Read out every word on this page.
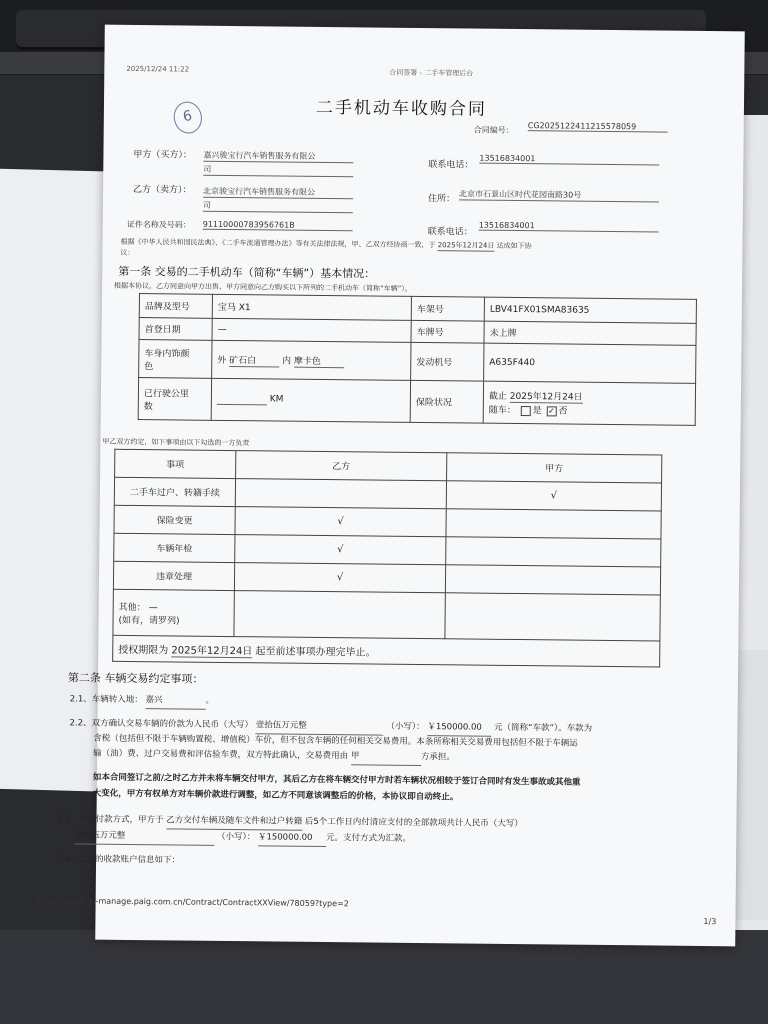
2025/12/24 11:22	合同签署 - 二手车管理后台
6	二手机动车收购合同
合同编号： CG2025122411215578059
甲方（买方）： 嘉兴骏宝行汽车销售服务有限公
司	联系电话：
13516834001
乙方（卖方）： 北京骏宝行汽车销售服务有限公
司
住所： 北京市石景山区时代花园南路30号
证件名称及号码： 91110000783956761B
联系电话：
13516834001
根据《中华人民共和国民法典》、《二手车流通管理办法》等有关法律法规，甲、乙双方经协商一致，于 2025年12月24日 达成如下协
议：
第一条 交易的二手机动车（简称“车辆”）基本情况：
根据本协议，乙方同意向甲方出售、甲方同意向乙方购买以下所列的二手机动车（简称“车辆”）。
品牌及型号	宝马 X1	车架号	LBV41FX01SMA83635
首登日期	—	车牌号	未上牌
车身内饰颜
色	外 矿石白 内 摩卡色	发动机号	A635F440
已行驶公里
数	KM	保险状况	截止 2025年12月24日
随车： 是 ✓ 否
甲乙双方约定，如下事项由以下勾选的一方负责
事项	乙方	甲方
二手车过户、转籍手续		√
保险变更	√	
车辆年检	√	
违章处理	√	
其他： —
(如有，请罗列)		
授权期限为 2025年12月24日 起至前述事项办理完毕止。		
第二条 车辆交易约定事项：
2.1、车辆转入地： 嘉兴	。
2.2、双方确认交易车辆的价款为人民币（大写） 壹拾伍万元整	（小写）： ￥150000.00 元（简称“车款”）。车款为
含税（包括但不限于车辆购置税、增值税）车价，但不包含车辆的任何相关交易费用。本条所称相关交易费用包括但不限于车辆运
输（油）费、过户交易费和评估验车费，双方特此确认，交易费用由 甲	方承担。
如本合同签订之前/之时乙方并未将车辆交付甲方，其后乙方在将车辆交付甲方时若车辆状况相较于签订合同时有发生事故或其他重
大变化，甲方有权单方对车辆价款进行调整，如乙方不同意该调整后的价格，本协议即自动终止。
2.3、对于付款方式，甲方于 乙方交付车辆及随车文件和过户转籍 后5个工作日内付清应支付的全部款项共计人民币（大写）
壹拾伍万元整	（小写）： ￥150000.00 元。支付方式为汇款。
2.4、乙方的收款账户信息如下：
https://usedcar-manage.paig.com.cn/Contract/ContractXXView/78059?type=2
1/3
